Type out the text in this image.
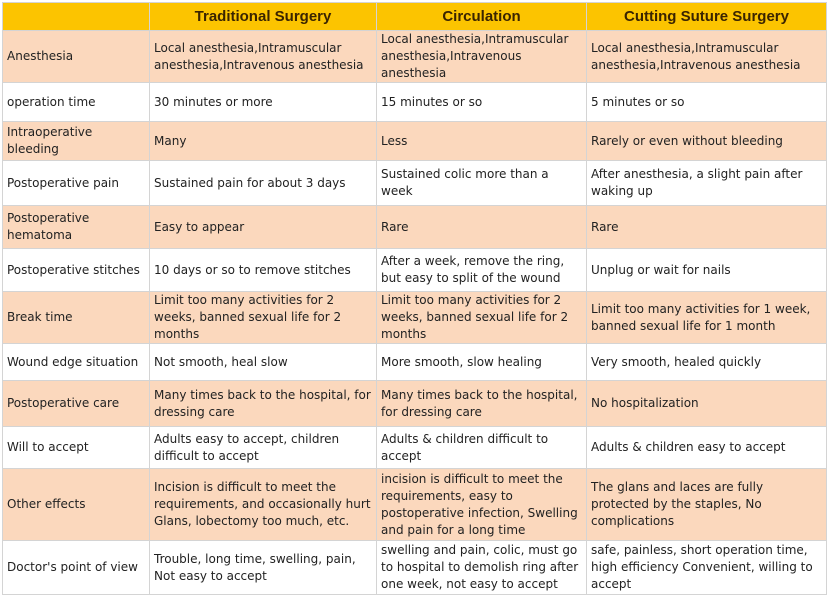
	Traditional Surgery	Circulation	Cutting Suture Surgery
Anesthesia	Local anesthesia,Intramuscular anesthesia,Intravenous anesthesia	Local anesthesia,Intramuscular anesthesia,Intravenous anesthesia	Local anesthesia,Intramuscular anesthesia,Intravenous anesthesia
operation time	30 minutes or more	15 minutes or so	5 minutes or so
Intraoperative bleeding	Many	Less	Rarely or even without bleeding
Postoperative pain	Sustained pain for about 3 days	Sustained colic more than a week	After anesthesia, a slight pain after waking up
Postoperative hematoma	Easy to appear	Rare	Rare
Postoperative stitches	10 days or so to remove stitches	After a week, remove the ring, but easy to split of the wound	Unplug or wait for nails
Break time	Limit too many activities for 2 weeks, banned sexual life for 2 months	Limit too many activities for 2 weeks, banned sexual life for 2 months	Limit too many activities for 1 week, banned sexual life for 1 month
Wound edge situation	Not smooth, heal slow	More smooth, slow healing	Very smooth, healed quickly
Postoperative care	Many times back to the hospital, for dressing care	Many times back to the hospital, for dressing care	No hospitalization
Will to accept	Adults easy to accept, children difficult to accept	Adults & children difficult to accept	Adults & children easy to accept
Other effects	Incision is difficult to meet the requirements, and occasionally hurt Glans, lobectomy too much, etc.	incision is difficult to meet the requirements, easy to postoperative infection, Swelling and pain for a long time	The glans and laces are fully protected by the staples, No complications
Doctor's point of view	Trouble, long time, swelling, pain, Not easy to accept	swelling and pain, colic, must go to hospital to demolish ring after one week, not easy to accept	safe, painless, short operation time, high efficiency Convenient, willing to accept
